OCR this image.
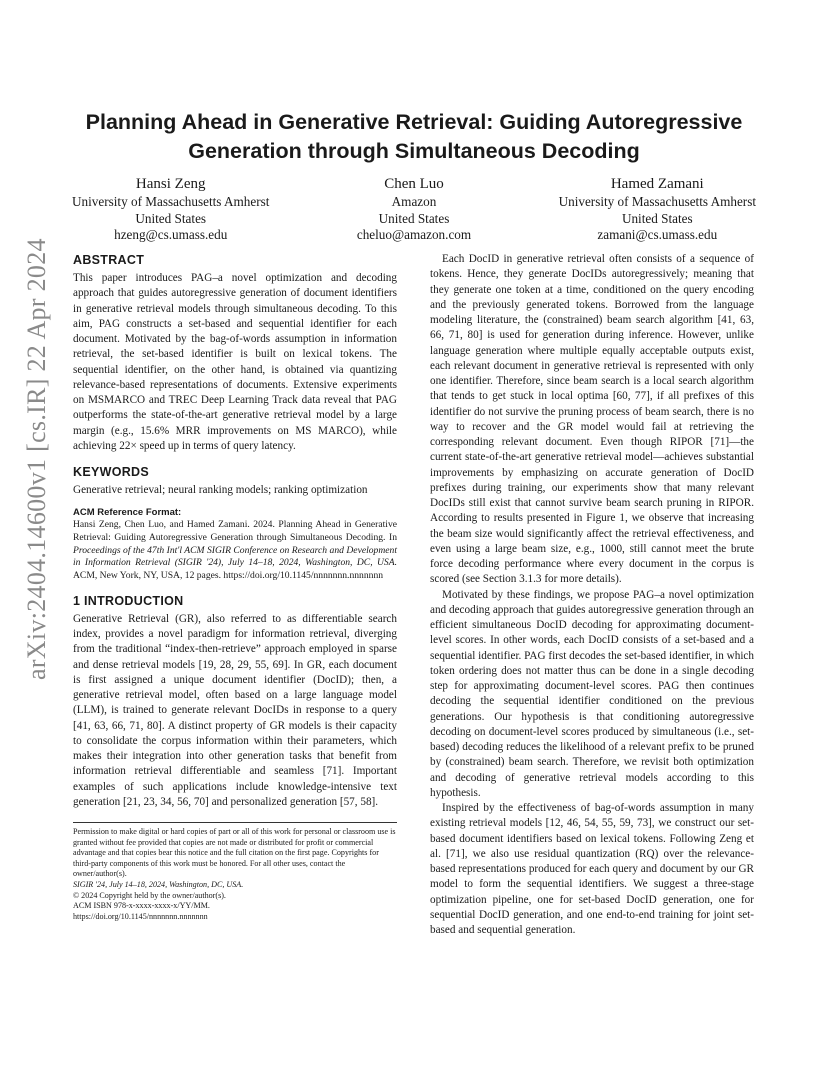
arXiv:2404.14600v1 [cs.IR] 22 Apr 2024
Planning Ahead in Generative Retrieval: Guiding Autoregressive
Generation through Simultaneous Decoding
Hansi Zeng
University of Massachusetts Amherst
United States
hzeng@cs.umass.edu
Chen Luo
Amazon
United States
cheluo@amazon.com
Hamed Zamani
University of Massachusetts Amherst
United States
zamani@cs.umass.edu
ABSTRACT

This paper introduces PAG–a novel optimization and decoding approach that guides autoregressive generation of document identifiers in generative retrieval models through simultaneous decoding. To this aim, PAG constructs a set-based and sequential identifier for each document. Motivated by the bag-of-words assumption in information retrieval, the set-based identifier is built on lexical tokens. The sequential identifier, on the other hand, is obtained via quantizing relevance-based representations of documents. Extensive experiments on MSMARCO and TREC Deep Learning Track data reveal that PAG outperforms the state-of-the-art generative retrieval model by a large margin (e.g., 15.6% MRR improvements on MS MARCO), while achieving 22× speed up in terms of query latency.

KEYWORDS

Generative retrieval; neural ranking models; ranking optimization

ACM Reference Format:

Hansi Zeng, Chen Luo, and Hamed Zamani. 2024. Planning Ahead in Generative Retrieval: Guiding Autoregressive Generation through Simultaneous Decoding. In Proceedings of the 47th Int'l ACM SIGIR Conference on Research and Development in Information Retrieval (SIGIR '24), July 14–18, 2024, Washington, DC, USA. ACM, New York, NY, USA, 12 pages. https://doi.org/10.1145/nnnnnnn.nnnnnnn

1 INTRODUCTION

Generative Retrieval (GR), also referred to as differentiable search index, provides a novel paradigm for information retrieval, diverging from the traditional “index-then-retrieve” approach employed in sparse and dense retrieval models [19, 28, 29, 55, 69]. In GR, each document is first assigned a unique document identifier (DocID); then, a generative retrieval model, often based on a large language model (LLM), is trained to generate relevant DocIDs in response to a query [41, 63, 66, 71, 80]. A distinct property of GR models is their capacity to consolidate the corpus information within their parameters, which makes their integration into other generation tasks that benefit from information retrieval differentiable and seamless [71]. Important examples of such applications include knowledge-intensive text generation [21, 23, 34, 56, 70] and personalized generation [57, 58].

Permission to make digital or hard copies of part or all of this work for personal or classroom use is granted without fee provided that copies are not made or distributed for profit or commercial advantage and that copies bear this notice and the full citation on the first page. Copyrights for third-party components of this work must be honored. For all other uses, contact the owner/author(s).

SIGIR '24, July 14–18, 2024, Washington, DC, USA.

© 2024 Copyright held by the owner/author(s).

ACM ISBN 978-x-xxxx-xxxx-x/YY/MM.

https://doi.org/10.1145/nnnnnnn.nnnnnnn

Each DocID in generative retrieval often consists of a sequence of tokens. Hence, they generate DocIDs autoregressively; meaning that they generate one token at a time, conditioned on the query encoding and the previously generated tokens. Borrowed from the language modeling literature, the (constrained) beam search algorithm [41, 63, 66, 71, 80] is used for generation during inference. However, unlike language generation where multiple equally acceptable outputs exist, each relevant document in generative retrieval is represented with only one identifier. Therefore, since beam search is a local search algorithm that tends to get stuck in local optima [60, 77], if all prefixes of this identifier do not survive the pruning process of beam search, there is no way to recover and the GR model would fail at retrieving the corresponding relevant document. Even though RIPOR [71]—the current state-of-the-art generative retrieval model—achieves substantial improvements by emphasizing on accurate generation of DocID prefixes during training, our experiments show that many relevant DocIDs still exist that cannot survive beam search pruning in RIPOR. According to results presented in Figure 1, we observe that increasing the beam size would significantly affect the retrieval effectiveness, and even using a large beam size, e.g., 1000, still cannot meet the brute force decoding performance where every document in the corpus is scored (see Section 3.1.3 for more details).

Motivated by these findings, we propose PAG–a novel optimization and decoding approach that guides autoregressive generation through an efficient simultaneous DocID decoding for approximating document-level scores. In other words, each DocID consists of a set-based and a sequential identifier. PAG first decodes the set-based identifier, in which token ordering does not matter thus can be done in a single decoding step for approximating document-level scores. PAG then continues decoding the sequential identifier conditioned on the previous generations. Our hypothesis is that conditioning autoregressive decoding on document-level scores produced by simultaneous (i.e., set-based) decoding reduces the likelihood of a relevant prefix to be pruned by (constrained) beam search. Therefore, we revisit both optimization and decoding of generative retrieval models according to this hypothesis.

Inspired by the effectiveness of bag-of-words assumption in many existing retrieval models [12, 46, 54, 55, 59, 73], we construct our set-based document identifiers based on lexical tokens. Following Zeng et al. [71], we also use residual quantization (RQ) over the relevance-based representations produced for each query and document by our GR model to form the sequential identifiers. We suggest a three-stage optimization pipeline, one for set-based DocID generation, one for sequential DocID generation, and one end-to-end training for joint set-based and sequential generation.
